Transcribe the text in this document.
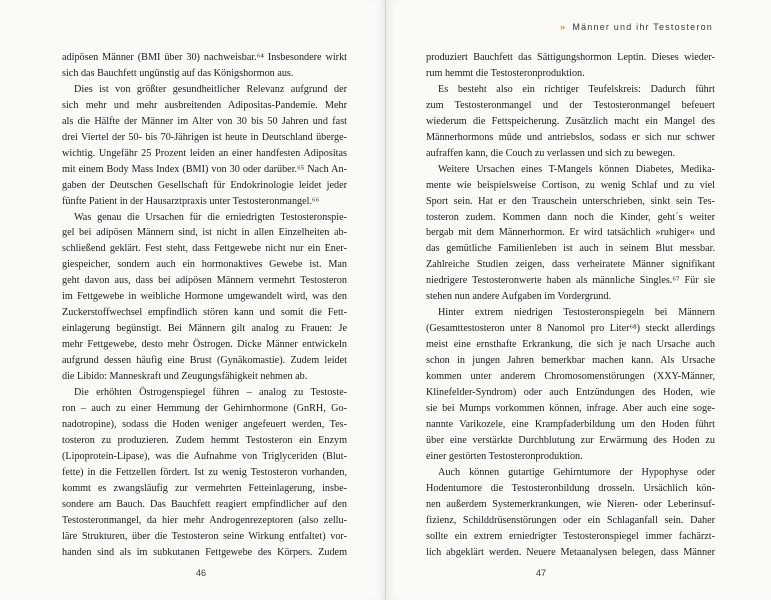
adipösen Männer (BMI über 30) nachweisbar.⁶⁴ Insbesondere wirkt
sich das Bauchfett ungünstig auf das Königshormon aus.
Dies ist von größter gesundheitlicher Relevanz aufgrund der
sich mehr und mehr ausbreitenden Adipositas-Pandemie. Mehr
als die Hälfte der Männer im Alter von 30 bis 50 Jahren und fast
drei Viertel der 50- bis 70-Jährigen ist heute in Deutschland überge-
wichtig. Ungefähr 25 Prozent leiden an einer handfesten Adipositas
mit einem Body Mass Index (BMI) von 30 oder darüber.⁶⁵ Nach An-
gaben der Deutschen Gesellschaft für Endokrinologie leidet jeder
fünfte Patient in der Hausarztpraxis unter Testosteronmangel.⁶⁶
Was genau die Ursachen für die erniedrigten Testosteronspie-
gel bei adipösen Männern sind, ist nicht in allen Einzelheiten ab-
schließend geklärt. Fest steht, dass Fettgewebe nicht nur ein Ener-
giespeicher, sondern auch ein hormonaktives Gewebe ist. Man
geht davon aus, dass bei adipösen Männern vermehrt Testosteron
im Fettgewebe in weibliche Hormone umgewandelt wird, was den
Zuckerstoffwechsel empfindlich stören kann und somit die Fett-
einlagerung begünstigt. Bei Männern gilt analog zu Frauen: Je
mehr Fettgewebe, desto mehr Östrogen. Dicke Männer entwickeln
aufgrund dessen häufig eine Brust (Gynäkomastie). Zudem leidet
die Libido: Manneskraft und Zeugungsfähigkeit nehmen ab.
Die erhöhten Östrogenspiegel führen – analog zu Testoste-
ron – auch zu einer Hemmung der Gehirnhormone (GnRH, Go-
nadotropine), sodass die Hoden weniger angefeuert werden, Tes-
tosteron zu produzieren. Zudem hemmt Testosteron ein Enzym
(Lipoprotein-Lipase), was die Aufnahme von Triglyceriden (Blut-
fette) in die Fettzellen fördert. Ist zu wenig Testosteron vorhanden,
kommt es zwangsläufig zur vermehrten Fetteinlagerung, insbe-
sondere am Bauch. Das Bauchfett reagiert empfindlicher auf den
Testosteronmangel, da hier mehr Androgenrezeptoren (also zellu-
läre Strukturen, über die Testosteron seine Wirkung entfaltet) vor-
handen sind als im subkutanen Fettgewebe des Körpers. Zudem
46
» Männer und ihr Testosteron
produziert Bauchfett das Sättigungshormon Leptin. Dieses wieder-
rum hemmt die Testosteronproduktion.
Es besteht also ein richtiger Teufelskreis: Dadurch führt
zum Testosteronmangel und der Testosteronmangel befeuert
wiederum die Fettspeicherung. Zusätzlich macht ein Mangel des
Männerhormons müde und antriebslos, sodass er sich nur schwer
aufraffen kann, die Couch zu verlassen und sich zu bewegen.
Weitere Ursachen eines T-Mangels können Diabetes, Medika-
mente wie beispielsweise Cortison, zu wenig Schlaf und zu viel
Sport sein. Hat er den Trauschein unterschrieben, sinkt sein Tes-
tosteron zudem. Kommen dann noch die Kinder, geht´s weiter
bergab mit dem Männerhormon. Er wird tatsächlich »ruhiger« und
das gemütliche Familienleben ist auch in seinem Blut messbar.
Zahlreiche Studien zeigen, dass verheiratete Männer signifikant
niedrigere Testosteronwerte haben als männliche Singles.⁶⁷ Für sie
stehen nun andere Aufgaben im Vordergrund.
Hinter extrem niedrigen Testosteronspiegeln bei Männern
(Gesamttestosteron unter 8 Nanomol pro Liter⁶⁸) steckt allerdings
meist eine ernsthafte Erkrankung, die sich je nach Ursache auch
schon in jungen Jahren bemerkbar machen kann. Als Ursache
kommen unter anderem Chromosomenstörungen (XXY-Männer,
Klinefelder-Syndrom) oder auch Entzündungen des Hoden, wie
sie bei Mumps vorkommen können, infrage. Aber auch eine soge-
nannte Varikozele, eine Krampfaderbildung um den Hoden führt
über eine verstärkte Durchblutung zur Erwärmung des Hoden zu
einer gestörten Testosteronproduktion.
Auch können gutartige Gehirntumore der Hypophyse oder
Hodentumore die Testosteronbildung drosseln. Ursächlich kön-
nen außerdem Systemerkrankungen, wie Nieren- oder Leberinsuf-
fizienz, Schilddrüsenstörungen oder ein Schlaganfall sein. Daher
sollte ein extrem erniedrigter Testosteronspiegel immer fachärzt-
lich abgeklärt werden. Neuere Metaanalysen belegen, dass Männer
47
